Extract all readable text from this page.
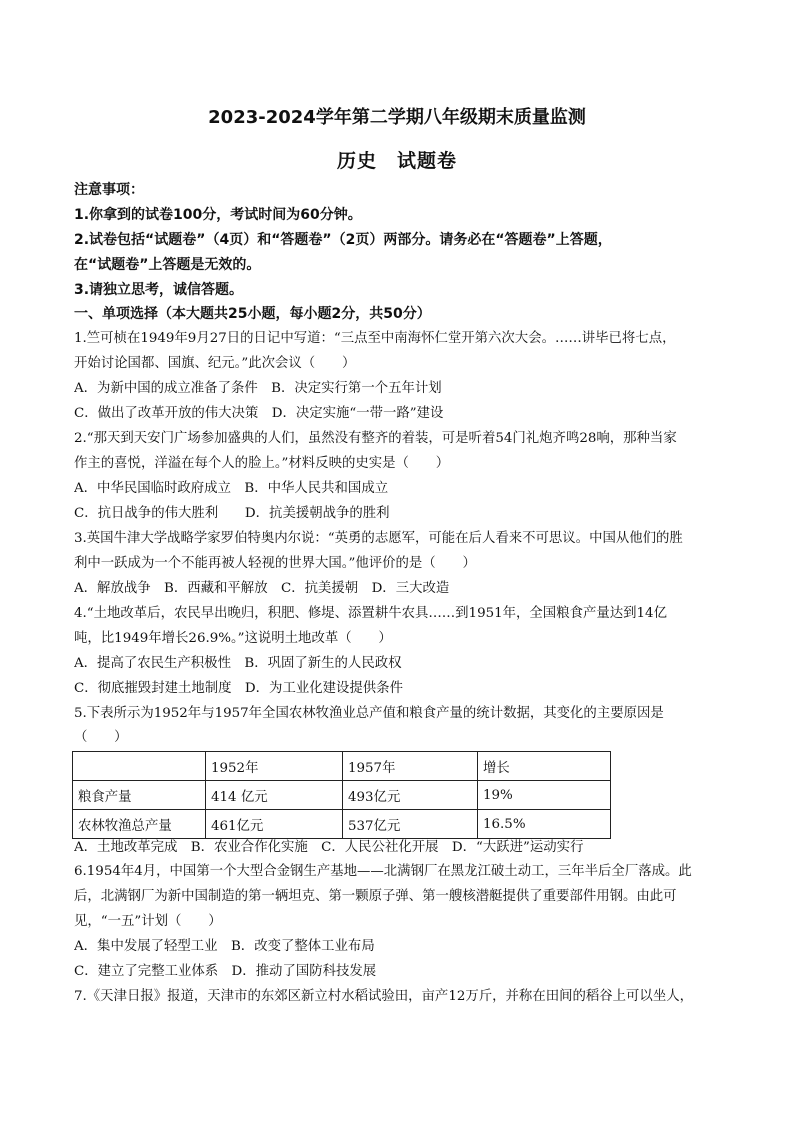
2023-2024学年第二学期八年级期末质量监测
历史　试题卷
注意事项：
1.你拿到的试卷100分，考试时间为60分钟。
2.试卷包括“试题卷”（4页）和“答题卷”（2页）两部分。请务必在“答题卷”上答题，
在“试题卷”上答题是无效的。
3.请独立思考，诚信答题。
一、单项选择（本大题共25小题，每小题2分，共50分）
1.竺可桢在1949年9月27日的日记中写道：“三点至中南海怀仁堂开第六次大会。……讲毕已将七点，
开始讨论国都、国旗、纪元。”此次会议（　　）
A．为新中国的成立准备了条件　B．决定实行第一个五年计划
C．做出了改革开放的伟大决策　D．决定实施“一带一路”建设
2.“那天到天安门广场参加盛典的人们，虽然没有整齐的着装，可是听着54门礼炮齐鸣28响，那种当家
作主的喜悦，洋溢在每个人的脸上。”材料反映的史实是（　　）
A．中华民国临时政府成立　B．中华人民共和国成立
C．抗日战争的伟大胜利　　D．抗美援朝战争的胜利
3.英国牛津大学战略学家罗伯特奥内尔说：“英勇的志愿军，可能在后人看来不可思议。中国从他们的胜
利中一跃成为一个不能再被人轻视的世界大国。”他评价的是（　　）
A．解放战争　B．西藏和平解放　C．抗美援朝　D．三大改造
4.“土地改革后，农民早出晚归，积肥、修堤、添置耕牛农具……到1951年，全国粮食产量达到14亿
吨，比1949年增长26.9%。”这说明土地改革（　　）
A．提高了农民生产积极性　B．巩固了新生的人民政权
C．彻底摧毁封建土地制度　D．为工业化建设提供条件
5.下表所示为1952年与1957年全国农林牧渔业总产值和粮食产量的统计数据，其变化的主要原因是
（　　）
	1952年	1957年	增长
粮食产量	414 亿元	493亿元	19%
农林牧渔总产量	461亿元	537亿元	16.5%
A．土地改革完成　B．农业合作化实施　C．人民公社化开展　D．“大跃进”运动实行
6.1954年4月，中国第一个大型合金钢生产基地——北满钢厂在黑龙江破土动工，三年半后全厂落成。此
后，北满钢厂为新中国制造的第一辆坦克、第一颗原子弹、第一艘核潜艇提供了重要部件用钢。由此可
见，“一五”计划（　　）
A．集中发展了轻型工业　B．改变了整体工业布局
C．建立了完整工业体系　D．推动了国防科技发展
7.《天津日报》报道，天津市的东郊区新立村水稻试验田，亩产12万斤，并称在田间的稻谷上可以坐人，
